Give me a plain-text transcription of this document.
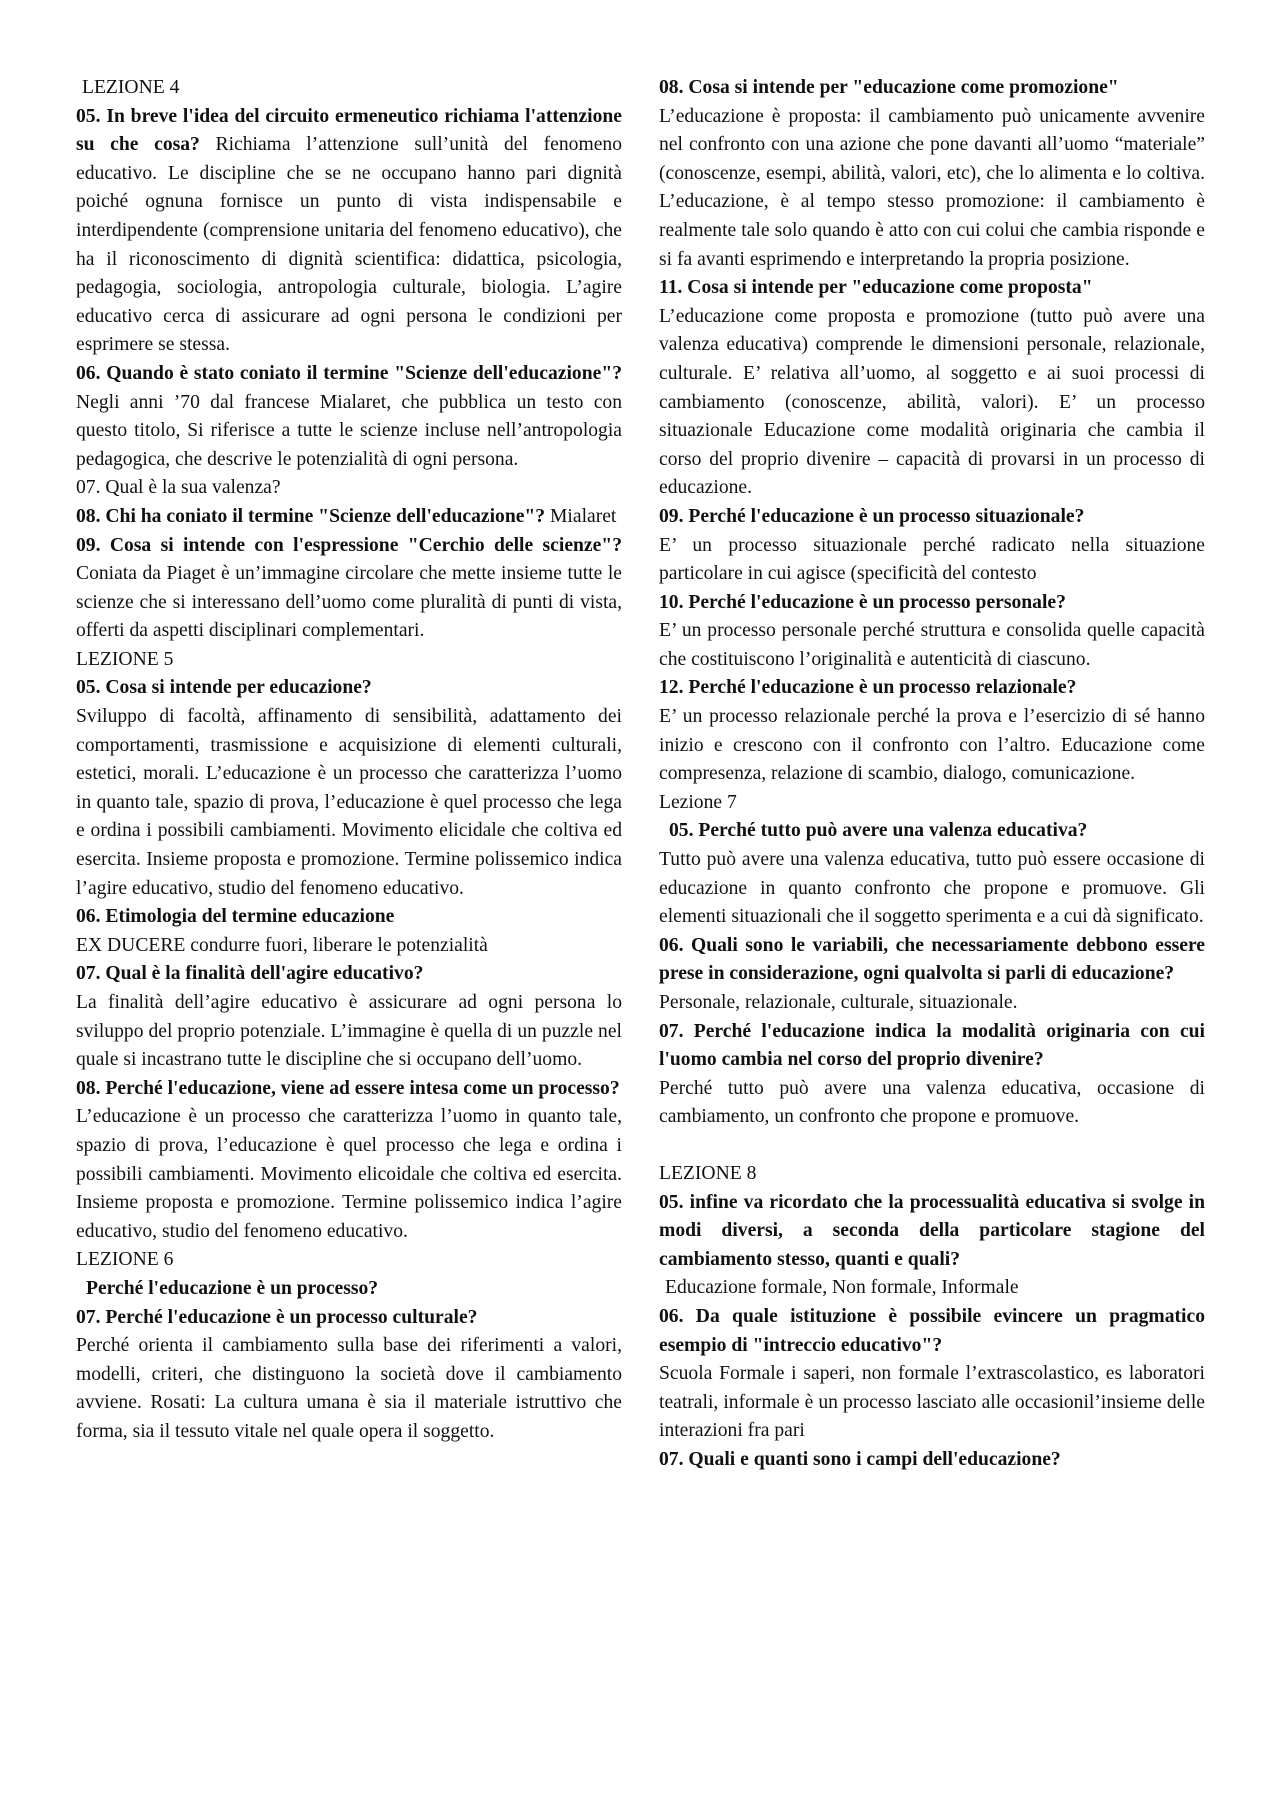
LEZIONE 4

05. In breve l'idea del circuito ermeneutico richiama l'attenzione su che cosa? Richiama l’attenzione sull’unità del fenomeno educativo. Le discipline che se ne occupano hanno pari dignità poiché ognuna fornisce un punto di vista indispensabile e interdipendente (comprensione unitaria del fenomeno educativo), che ha il riconoscimento di dignità scientifica: didattica, psicologia, pedagogia, sociologia, antropologia culturale, biologia. L’agire educativo cerca di assicurare ad ogni persona le condizioni per esprimere se stessa.

06. Quando è stato coniato il termine "Scienze dell'educazione"? Negli anni ’70 dal francese Mialaret, che pubblica un testo con questo titolo, Si riferisce a tutte le scienze incluse nell’antropologia pedagogica, che descrive le potenzialità di ogni persona.

07. Qual è la sua valenza?

08. Chi ha coniato il termine "Scienze dell'educazione"? Mialaret

09. Cosa si intende con l'espressione "Cerchio delle scienze"? Coniata da Piaget è un’immagine circolare che mette insieme tutte le scienze che si interessano dell’uomo come pluralità di punti di vista, offerti da aspetti disciplinari complementari.

LEZIONE 5

05. Cosa si intende per educazione?

Sviluppo di facoltà, affinamento di sensibilità, adattamento dei comportamenti, trasmissione e acquisizione di elementi culturali, estetici, morali. L’educazione è un processo che caratterizza l’uomo in quanto tale, spazio di prova, l’educazione è quel processo che lega e ordina i possibili cambiamenti. Movimento elicidale che coltiva ed esercita. Insieme proposta e promozione. Termine polissemico indica l’agire educativo, studio del fenomeno educativo.

06. Etimologia del termine educazione

EX DUCERE condurre fuori, liberare le potenzialità

07. Qual è la finalità dell'agire educativo?

La finalità dell’agire educativo è assicurare ad ogni persona lo sviluppo del proprio potenziale. L’immagine è quella di un puzzle nel quale si incastrano tutte le discipline che si occupano dell’uomo.

08. Perché l'educazione, viene ad essere intesa come un processo?

L’educazione è un processo che caratterizza l’uomo in quanto tale, spazio di prova, l’educazione è quel processo che lega e ordina i possibili cambiamenti. Movimento elicoidale che coltiva ed esercita. Insieme proposta e promozione. Termine polissemico indica l’agire educativo, studio del fenomeno educativo.

LEZIONE 6

Perché l'educazione è un processo?

07. Perché l'educazione è un processo culturale?

Perché orienta il cambiamento sulla base dei riferimenti a valori, modelli, criteri, che distinguono la società dove il cambiamento avviene. Rosati: La cultura umana è sia il materiale istruttivo che forma, sia il tessuto vitale nel quale opera il soggetto.

08. Cosa si intende per "educazione come promozione"

L’educazione è proposta: il cambiamento può unicamente avvenire nel confronto con una azione che pone davanti all’uomo “materiale” (conoscenze, esempi, abilità, valori, etc), che lo alimenta e lo coltiva. L’educazione, è al tempo stesso promozione: il cambiamento è realmente tale solo quando è atto con cui colui che cambia risponde e si fa avanti esprimendo e interpretando la propria posizione.

11. Cosa si intende per "educazione come proposta"

L’educazione come proposta e promozione (tutto può avere una valenza educativa) comprende le dimensioni personale, relazionale, culturale. E’ relativa all’uomo, al soggetto e ai suoi processi di cambiamento (conoscenze, abilità, valori). E’ un processo situazionale Educazione come modalità originaria che cambia il corso del proprio divenire – capacità di provarsi in un processo di educazione.

09. Perché l'educazione è un processo situazionale?

E’ un processo situazionale perché radicato nella situazione particolare in cui agisce (specificità del contesto

10. Perché l'educazione è un processo personale?

E’ un processo personale perché struttura e consolida quelle capacità che costituiscono l’originalità e autenticità di ciascuno.

12. Perché l'educazione è un processo relazionale?

E’ un processo relazionale perché la prova e l’esercizio di sé hanno inizio e crescono con il confronto con l’altro. Educazione come compresenza, relazione di scambio, dialogo, comunicazione.

Lezione 7

05. Perché tutto può avere una valenza educativa?

Tutto può avere una valenza educativa, tutto può essere occasione di educazione in quanto confronto che propone e promuove. Gli elementi situazionali che il soggetto sperimenta e a cui dà significato.

06. Quali sono le variabili, che necessariamente debbono essere prese in considerazione, ogni qualvolta si parli di educazione?

Personale, relazionale, culturale, situazionale.

07. Perché l'educazione indica la modalità originaria con cui l'uomo cambia nel corso del proprio divenire?

Perché tutto può avere una valenza educativa, occasione di cambiamento, un confronto che propone e promuove.

LEZIONE 8

05. infine va ricordato che la processualità educativa si svolge in modi diversi, a seconda della particolare stagione del cambiamento stesso, quanti e quali?

Educazione formale, Non formale, Informale

06. Da quale istituzione è possibile evincere un pragmatico esempio di "intreccio educativo"?

Scuola Formale i saperi, non formale l’extrascolastico, es laboratori teatrali, informale è un processo lasciato alle occasionil’insieme delle interazioni fra pari

07. Quali e quanti sono i campi dell'educazione?
